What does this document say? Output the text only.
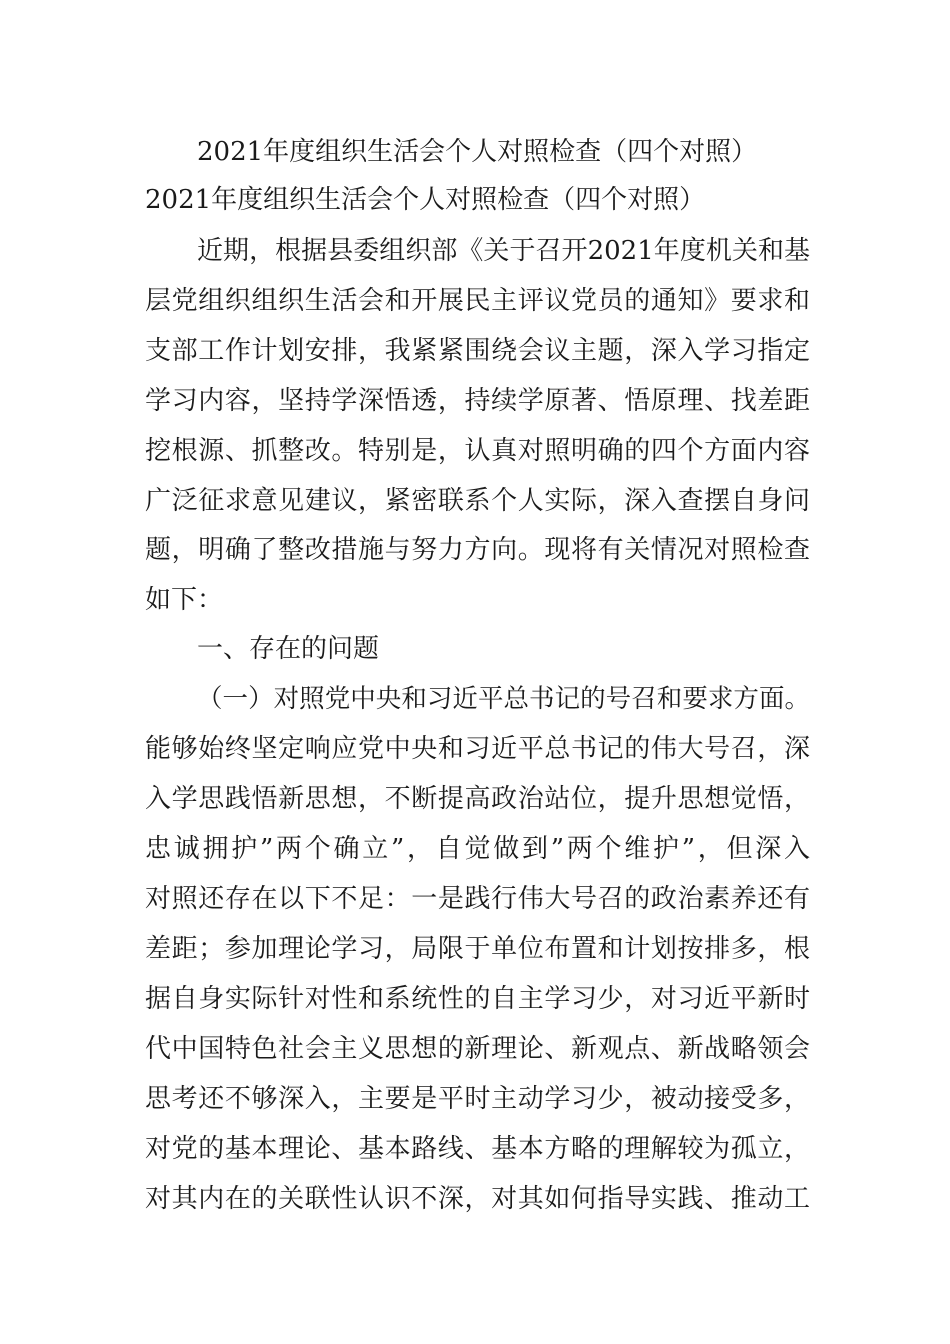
2021年度组织生活会个人对照检查（四个对照）
2021年度组织生活会个人对照检查（四个对照）
近期，根据县委组织部《关于召开2021年度机关和基
层党组织组织生活会和开展民主评议党员的通知》要求和
支部工作计划安排，我紧紧围绕会议主题，深入学习指定
学习内容，坚持学深悟透，持续学原著、悟原理、找差距
挖根源、抓整改。特别是，认真对照明确的四个方面内容
广泛征求意见建议，紧密联系个人实际，深入查摆自身问
题，明确了整改措施与努力方向。现将有关情况对照检查
如下：
一、存在的问题
（一）对照党中央和习近平总书记的号召和要求方面。
能够始终坚定响应党中央和习近平总书记的伟大号召，深
入学思践悟新思想，不断提高政治站位，提升思想觉悟，
忠诚拥护”两个确立”，自觉做到”两个维护”，但深入
对照还存在以下不足：一是践行伟大号召的政治素养还有
差距；参加理论学习，局限于单位布置和计划按排多，根
据自身实际针对性和系统性的自主学习少，对习近平新时
代中国特色社会主义思想的新理论、新观点、新战略领会
思考还不够深入，主要是平时主动学习少，被动接受多，
对党的基本理论、基本路线、基本方略的理解较为孤立，
对其内在的关联性认识不深，对其如何指导实践、推动工
